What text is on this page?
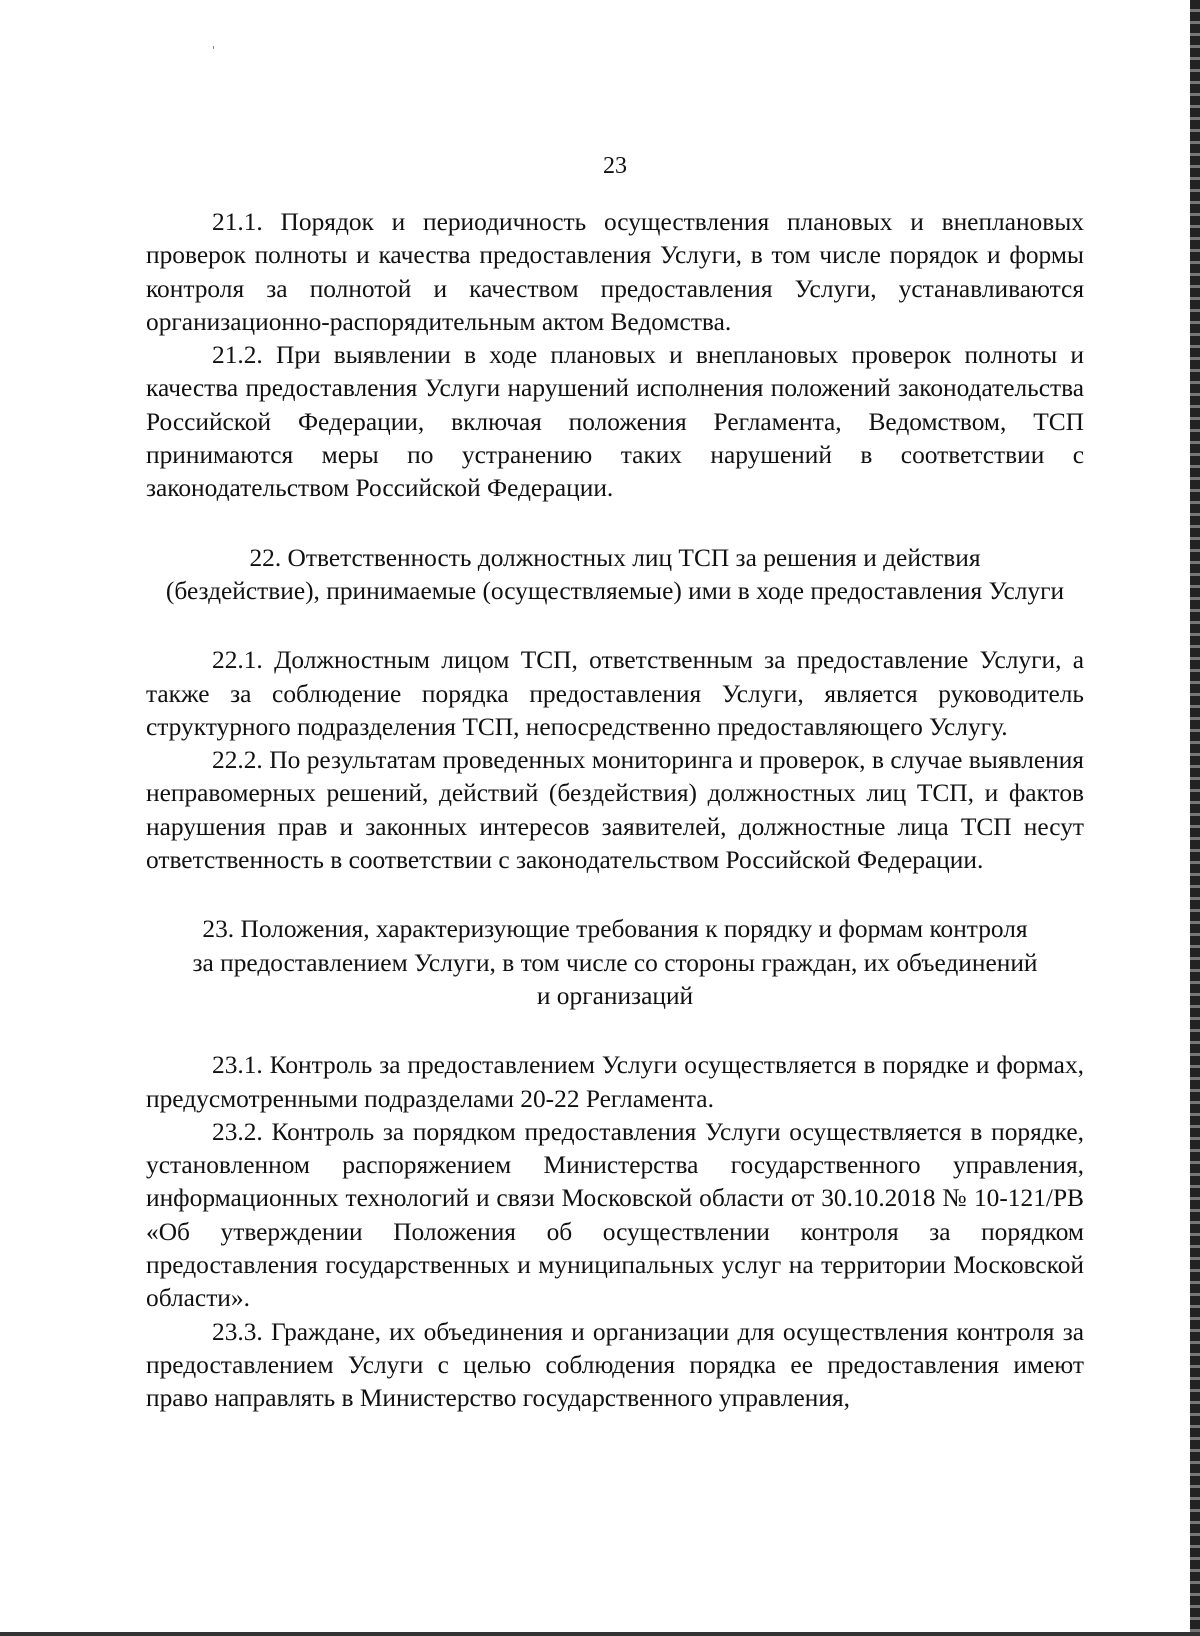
23

21.1. Порядок и периодичность осуществления плановых и внеплановых проверок полноты и качества предоставления Услуги, в том числе порядок и формы контроля за полнотой и качеством предоставления Услуги, устанавливаются организационно-распорядительным актом Ведомства.

21.2. При выявлении в ходе плановых и внеплановых проверок полноты и качества предоставления Услуги нарушений исполнения положений законодательства Российской Федерации, включая положения Регламента, Ведомством, ТСП принимаются меры по устранению таких нарушений в соответствии с законодательством Российской Федерации.

22. Ответственность должностных лиц ТСП за решения и действия
(бездействие), принимаемые (осуществляемые) ими в ходе предоставления Услуги

22.1. Должностным лицом ТСП, ответственным за предоставление Услуги, а также за соблюдение порядка предоставления Услуги, является руководитель структурного подразделения ТСП, непосредственно предоставляющего Услугу.

22.2. По результатам проведенных мониторинга и проверок, в случае выявления неправомерных решений, действий (бездействия) должностных лиц ТСП, и фактов нарушения прав и законных интересов заявителей, должностные лица ТСП несут ответственность в соответствии с законодательством Российской Федерации.

23. Положения, характеризующие требования к порядку и формам контроля
за предоставлением Услуги, в том числе со стороны граждан, их объединений
и организаций

23.1. Контроль за предоставлением Услуги осуществляется в порядке и формах, предусмотренными подразделами 20-22 Регламента.

23.2. Контроль за порядком предоставления Услуги осуществляется в порядке, установленном распоряжением Министерства государственного управления, информационных технологий и связи Московской области от 30.10.2018 № 10-121/РВ «Об утверждении Положения об осуществлении контроля за порядком предоставления государственных и муниципальных услуг на территории Московской области».

23.3. Граждане, их объединения и организации для осуществления контроля за предоставлением Услуги с целью соблюдения порядка ее предоставления имеют право направлять в Министерство государственного управления,
